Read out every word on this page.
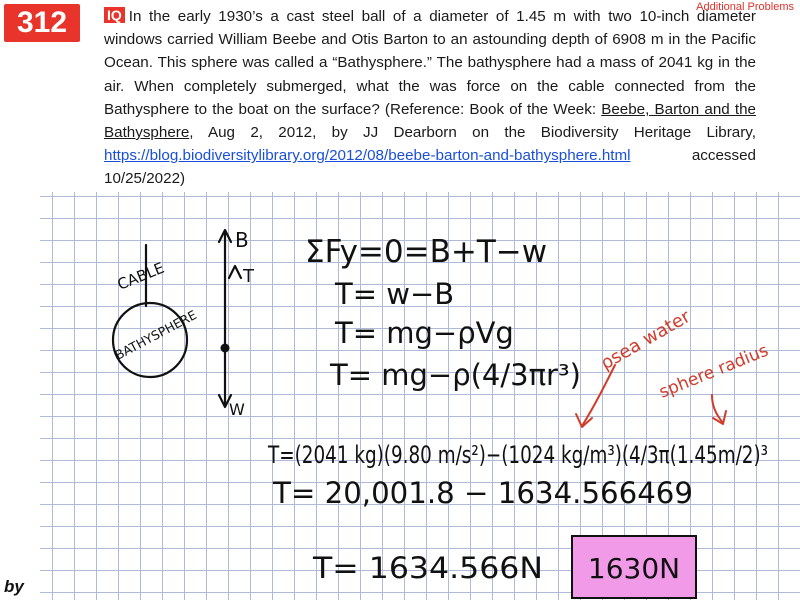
312	Additional Problems
IQ In the early 1930’s a cast steel ball of a diameter of 1.45 m with two 10-inch diameter windows carried William Beebe and Otis Barton to an astounding depth of 6908 m in the Pacific Ocean. This sphere was called a “Bathysphere.” The bathysphere had a mass of 2041 kg in the air. When completely submerged, what the was force on the cable connected from the Bathysphere to the boat on the surface? (Reference: Book of the Week: Beebe, Barton and the Bathysphere, Aug 2, 2012, by JJ Dearborn on the Biodiversity Heritage Library, https://blog.biodiversitylibrary.org/2012/08/beebe-barton-and-bathysphere.html accessed 10/25/2022)
CABLE
BATHYSPHERE
B
T
W
ΣFy=0=B+T−w
T= w−B
T= mg−ρVg
T= mg−ρ(4/3πr³)
T=(2041 kg)(9.80 m/s²)−(1024 kg/m³)(4/3π(1.45m/2)³
T= 20,001.8 − 1634.566469
T= 1634.566N 1630N
ρsea water
sphere radius
by
